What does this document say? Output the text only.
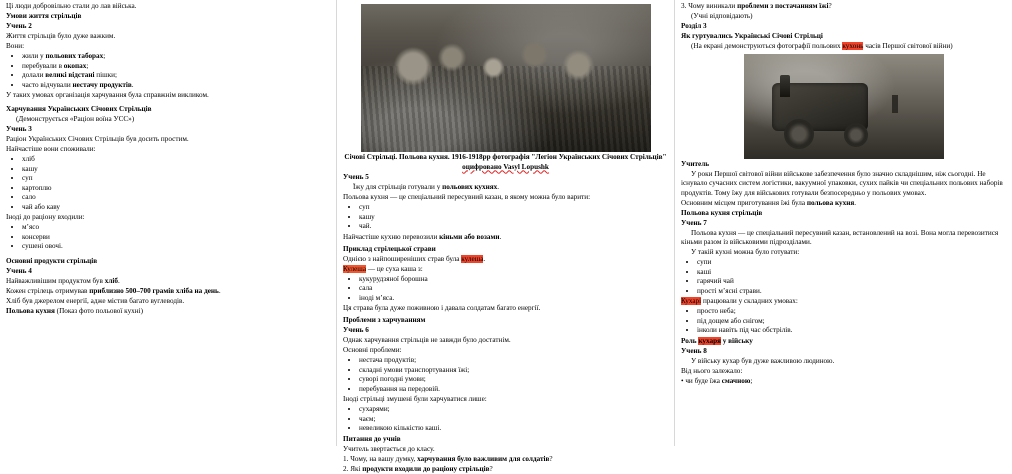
Ці люди добровільно стали до лав війська.

Умови життя стрільців

Учень 2

Життя стрільців було дуже важким.

Вони:

• жили у польових таборах;
• перебували в окопах;
• долали великі відстані пішки;
• часто відчували нестачу продуктів.

У таких умовах організація харчування була справжнім викликом.

Харчування Українських Січових Стрільців

(Демонструється «Раціон воїна УСС»)

Учень 3

Раціон Українських Січових Стрільців був досить простим.

Найчастіше вони споживали:

• хліб
• кашу
• суп
• картоплю
• сало
• чай або каву

Іноді до раціону входили:

• м’ясо
• консерви
• сушені овочі.

Основні продукти стрільців

Учень 4

Найважливішим продуктом був хліб.

Кожен стрілець отримував приблизно 500–700 грамів хліба на день.

Хліб був джерелом енергії, адже містив багато вуглеводів.

Польова кухня (Показ фото польової кухні)

Січові Стрільці. Польова кухня. 1916-1918рр фотографія "Легіон Українських Січових Стрільців" оцифровано Vasyl Lopushk

Учень 5

Їжу для стрільців готували у польових кухнях.

Польова кухня — це спеціальний пересувний казан, в якому можна було варити:

• суп
• кашу
• чай.

Найчастіше кухню перевозили кіньми або возами.

Приклад стрілецької страви

Однією з найпоширеніших страв була кулеша.

Кулеша — це суха каша з:

• кукурудзяної борошна
• сала
• іноді м’яса.

Ця страва була дуже поживною і давала солдатам багато енергії.

Проблеми з харчуванням

Учень 6

Однак харчування стрільців не завжди було достатнім.

Основні проблеми:

• нестача продуктів;
• складні умови транспортування їжі;
• суворі погодні умови;
• перебування на передовій.

Іноді стрільці змушені були харчуватися лише:

• сухарями;
• чаєм;
• невеликою кількістю каші.

Питання до учнів

Учитель звертається до класу.

1. Чому, на вашу думку, харчування було важливим для солдатів?

2. Які продукти входили до раціону стрільців?

3. Чому виникали проблеми з постачанням їжі?

(Учні відповідають)

Розділ 3

Як гуртувались Українські Січові Стрільці

(На екрані демонструються фотографії польових кухонь часів Першої світової війни)

Учитель

У роки Першої світової війни військове забезпечення було значно складнішим, ніж сьогодні. Не існувало сучасних систем логістики, вакуумної упаковки, сухих пайків чи спеціальних польових наборів продуктів. Тому їжу для військових готували безпосередньо у польових умовах.

Основним місцем приготування їжі була польова кухня.

Польова кухня стрільців

Учень 7

Польова кухня — це спеціальний пересувний казан, встановлений на возі. Вона могла перевозитися кіньми разом із військовими підрозділами.

У такій кухні можна було готувати:

• супи
• каші
• гарячий чай
• прості м’ясні страви.

Кухарі працювали у складних умовах:

• просто неба;
• під дощем або снігом;
• інколи навіть під час обстрілів.

Роль кухаря у війську

Учень 8

У війську кухар був дуже важливою людиною.

Від нього залежало:

• чи буде їжа смачною;
